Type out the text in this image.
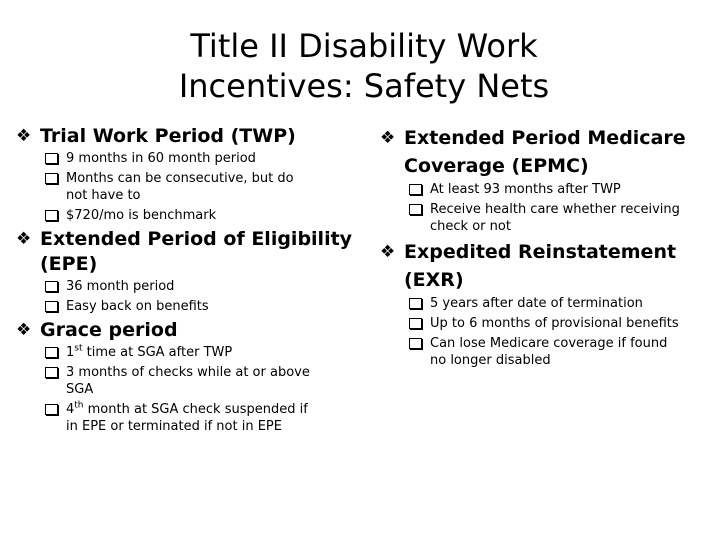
Title II Disability Work
Incentives: Safety Nets
❖ Trial Work Period (TWP)
9 months in 60 month period
Months can be consecutive, but do not have to
$720/mo is benchmark
❖ Extended Period of Eligibility (EPE)
36 month period
Easy back on benefits
❖ Grace period
1st time at SGA after TWP
3 months of checks while at or above SGA
4th month at SGA check suspended if in EPE or terminated if not in EPE
❖ Extended Period Medicare Coverage (EPMC)
At least 93 months after TWP
Receive health care whether receiving check or not
❖ Expedited Reinstatement (EXR)
5 years after date of termination
Up to 6 months of provisional benefits
Can lose Medicare coverage if found no longer disabled
